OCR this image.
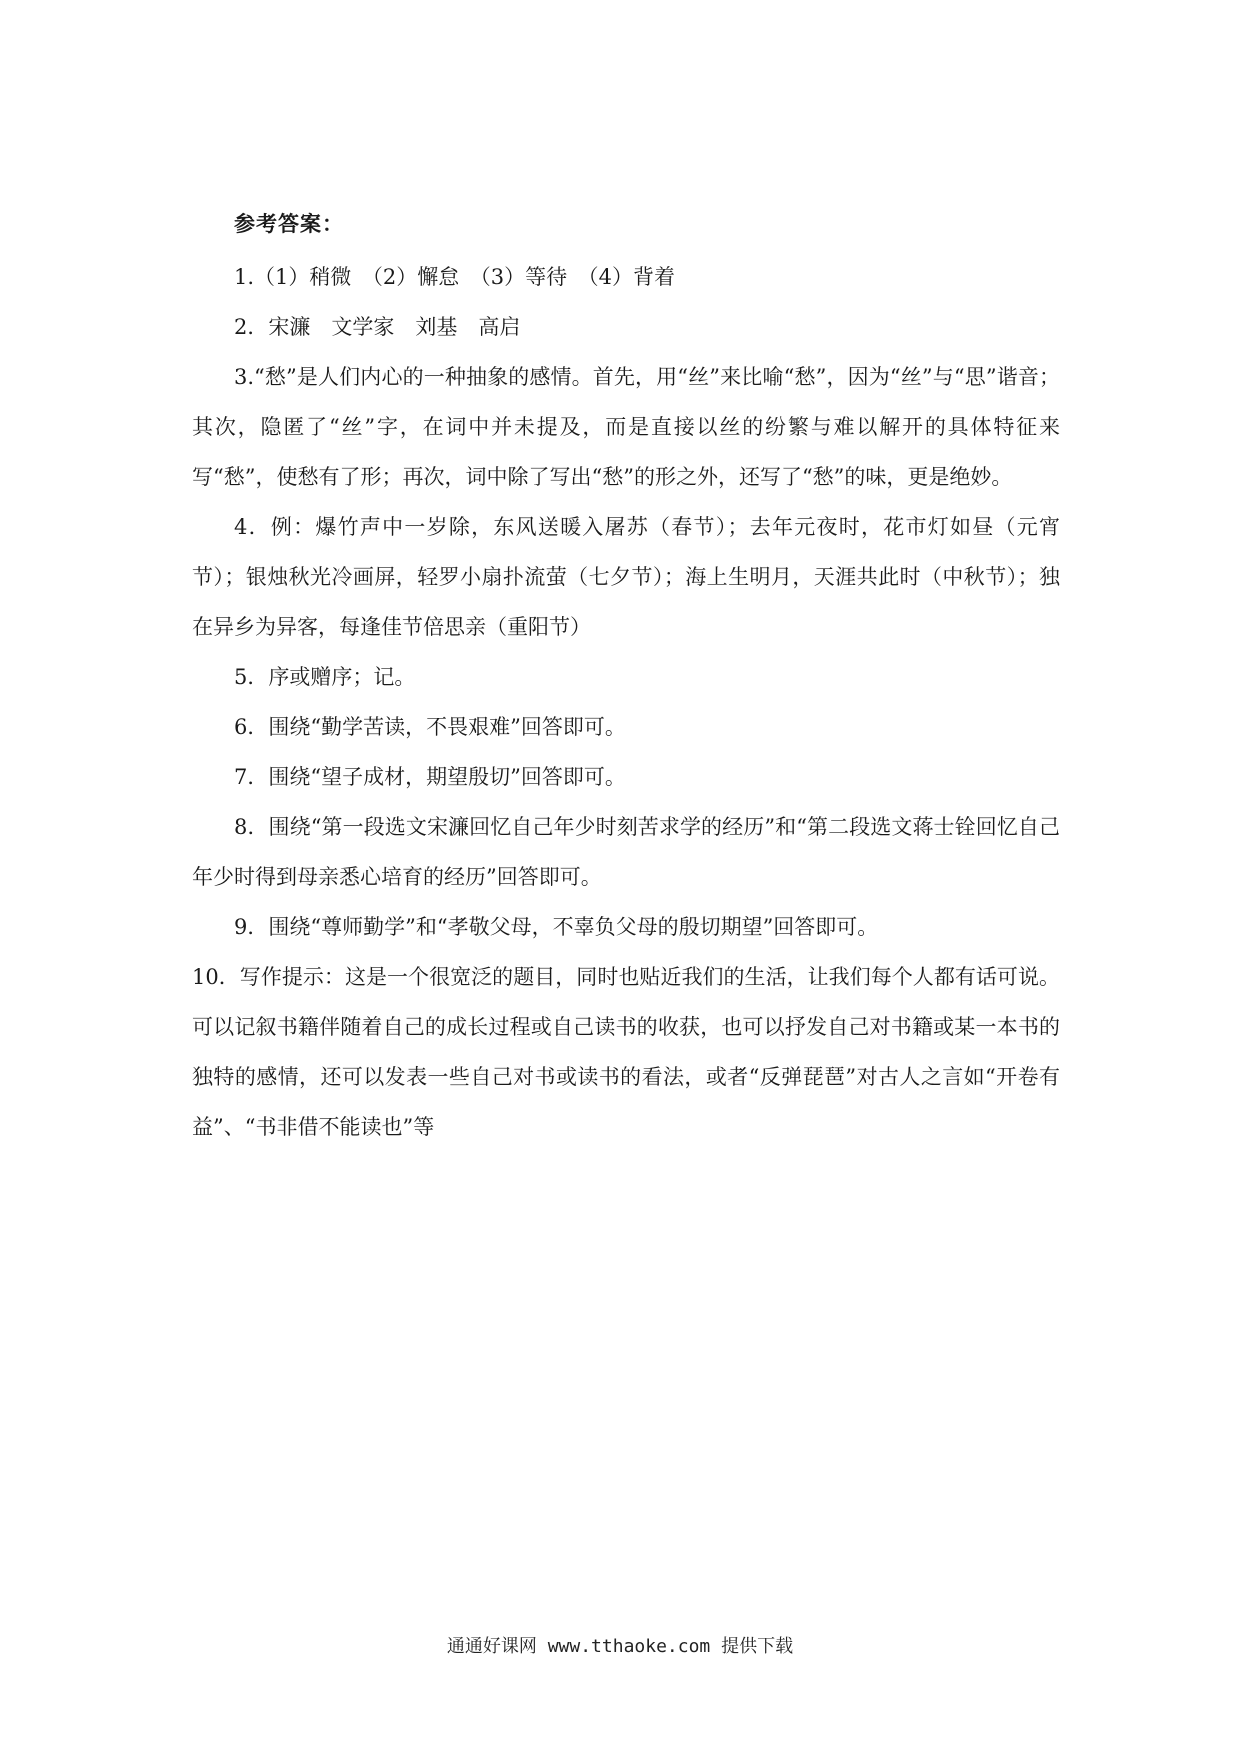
参考答案：

1.（1）稍微　（2）懈怠　（3）等待　（4）背着

2．宋濂　文学家　刘基　高启

3.“愁”是人们内心的一种抽象的感情。首先，用“丝”来比喻“愁”，因为“丝”与“思”谐音；其次，隐匿了“丝”字，在词中并未提及，而是直接以丝的纷繁与难以解开的具体特征来写“愁”，使愁有了形；再次，词中除了写出“愁”的形之外，还写了“愁”的味，更是绝妙。

4．例：爆竹声中一岁除，东风送暖入屠苏（春节）；去年元夜时，花市灯如昼（元宵节）；银烛秋光冷画屏，轻罗小扇扑流萤（七夕节）；海上生明月，天涯共此时（中秋节）；独在异乡为异客，每逢佳节倍思亲（重阳节）

5．序或赠序；记。

6．围绕“勤学苦读，不畏艰难”回答即可。

7．围绕“望子成材，期望殷切”回答即可。

8．围绕“第一段选文宋濂回忆自己年少时刻苦求学的经历”和“第二段选文蒋士铨回忆自己年少时得到母亲悉心培育的经历”回答即可。

9．围绕“尊师勤学”和“孝敬父母，不辜负父母的殷切期望”回答即可。

10．写作提示：这是一个很宽泛的题目，同时也贴近我们的生活，让我们每个人都有话可说。可以记叙书籍伴随着自己的成长过程或自己读书的收获，也可以抒发自己对书籍或某一本书的独特的感情，还可以发表一些自己对书或读书的看法，或者“反弹琵琶”对古人之言如“开卷有益”、“书非借不能读也”等

通通好课网 www.tthaoke.com 提供下载
